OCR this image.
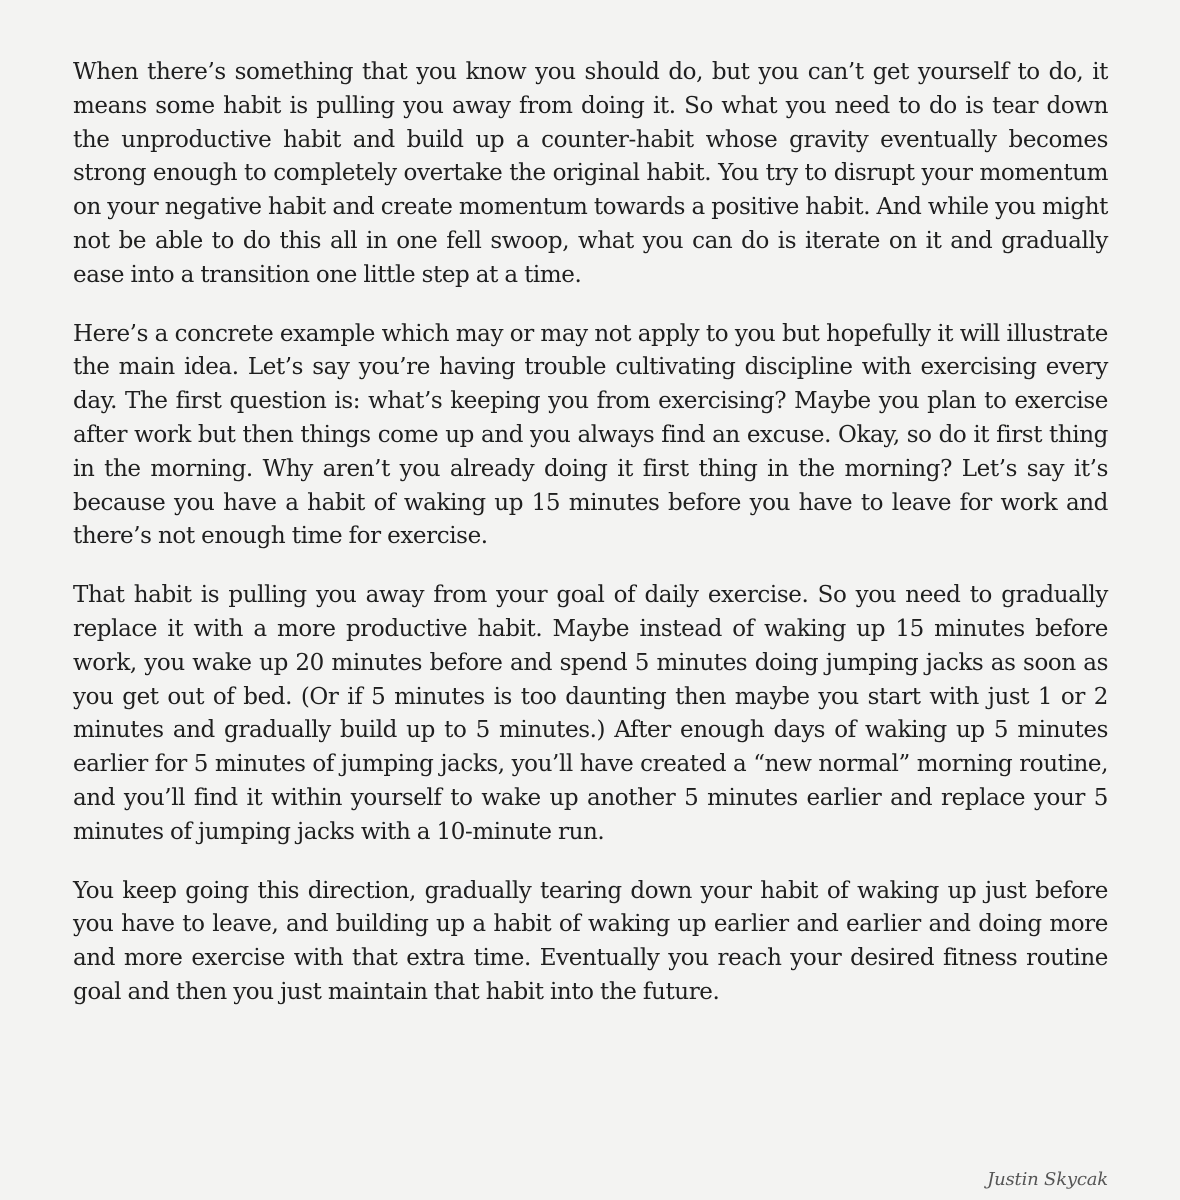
When there’s something that you know you should do, but you can’t get yourself to do, it means some habit is pulling you away from doing it. So what you need to do is tear down the unproductive habit and build up a counter-habit whose gravity eventually becomes strong enough to completely overtake the original habit. You try to disrupt your momentum on your negative habit and create momentum towards a positive habit. And while you might not be able to do this all in one fell swoop, what you can do is iterate on it and gradually ease into a transition one little step at a time.

Here’s a concrete example which may or may not apply to you but hopefully it will illustrate the main idea. Let’s say you’re having trouble cultivating discipline with exercising every day. The first question is: what’s keeping you from exercising? Maybe you plan to exercise after work but then things come up and you always find an excuse. Okay, so do it first thing in the morning. Why aren’t you already doing it first thing in the morning? Let’s say it’s because you have a habit of waking up 15 minutes before you have to leave for work and there’s not enough time for exercise.

That habit is pulling you away from your goal of daily exercise. So you need to gradually replace it with a more productive habit. Maybe instead of waking up 15 minutes before work, you wake up 20 minutes before and spend 5 minutes doing jumping jacks as soon as you get out of bed. (Or if 5 minutes is too daunting then maybe you start with just 1 or 2 minutes and gradually build up to 5 minutes.) After enough days of waking up 5 minutes earlier for 5 minutes of jumping jacks, you’ll have created a “new normal” morning routine, and you’ll find it within yourself to wake up another 5 minutes earlier and replace your 5 minutes of jumping jacks with a 10-minute run.

You keep going this direction, gradually tearing down your habit of waking up just before you have to leave, and building up a habit of waking up earlier and earlier and doing more and more exercise with that extra time. Eventually you reach your desired fitness routine goal and then you just maintain that habit into the future.

Justin Skycak
